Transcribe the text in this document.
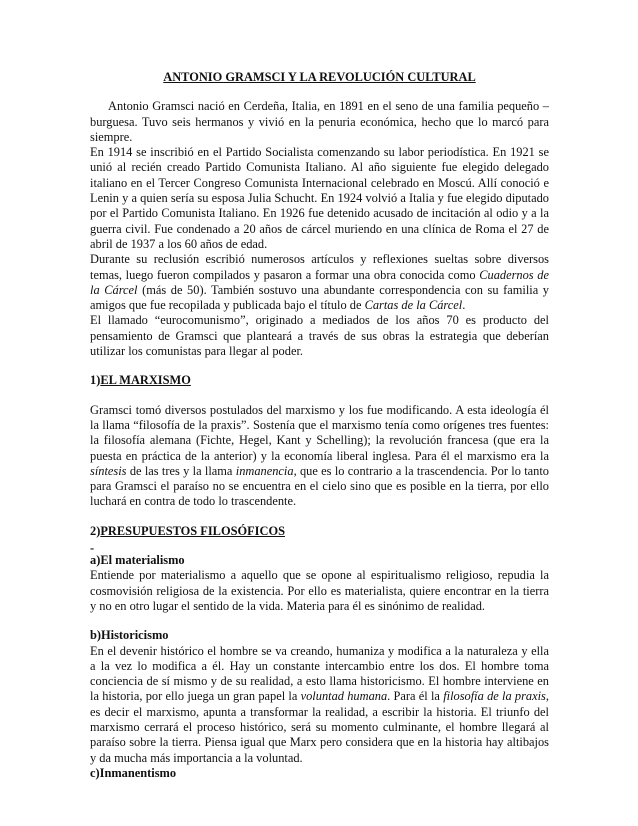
ANTONIO GRAMSCI Y LA REVOLUCIÓN CULTURAL

Antonio Gramsci nació en Cerdeña, Italia, en 1891 en el seno de una familia pequeño – burguesa. Tuvo seis hermanos y vivió en la penuria económica, hecho que lo marcó para siempre.

En 1914 se inscribió en el Partido Socialista comenzando su labor periodística. En 1921 se unió al recién creado Partido Comunista Italiano. Al año siguiente fue elegido delegado italiano en el Tercer Congreso Comunista Internacional celebrado en Moscú. Allí conoció e Lenin y a quien sería su esposa Julia Schucht. En 1924 volvió a Italia y fue elegido diputado por el Partido Comunista Italiano. En 1926 fue detenido acusado de incitación al odio y a la guerra civil. Fue condenado a 20 años de cárcel muriendo en una clínica de Roma el 27 de abril de 1937 a los 60 años de edad.

Durante su reclusión escribió numerosos artículos y reflexiones sueltas sobre diversos temas, luego fueron compilados y pasaron a formar una obra conocida como Cuadernos de la Cárcel (más de 50). También sostuvo una abundante correspondencia con su familia y amigos que fue recopilada y publicada bajo el título de Cartas de la Cárcel.

El llamado “eurocomunismo”, originado a mediados de los años 70 es producto del pensamiento de Gramsci que planteará a través de sus obras la estrategia que deberían utilizar los comunistas para llegar al poder.

1)EL MARXISMO

Gramsci tomó diversos postulados del marxismo y los fue modificando. A esta ideología él la llama “filosofía de la praxis”. Sostenía que el marxismo tenía como orígenes tres fuentes: la filosofía alemana (Fichte, Hegel, Kant y Schelling); la revolución francesa (que era la puesta en práctica de la anterior) y la economía liberal inglesa. Para él el marxismo era la síntesis de las tres y la llama inmanencia, que es lo contrario a la trascendencia. Por lo tanto para Gramsci el paraíso no se encuentra en el cielo sino que es posible en la tierra, por ello luchará en contra de todo lo trascendente.

2)PRESUPUESTOS FILOSÓFICOS
-
a)El materialismo

Entiende por materialismo a aquello que se opone al espiritualismo religioso, repudia la cosmovisión religiosa de la existencia. Por ello es materialista, quiere encontrar en la tierra y no en otro lugar el sentido de la vida. Materia para él es sinónimo de realidad.

b)Historicismo

En el devenir histórico el hombre se va creando, humaniza y modifica a la naturaleza y ella a la vez lo modifica a él. Hay un constante intercambio entre los dos. El hombre toma conciencia de sí mismo y de su realidad, a esto llama historicismo. El hombre interviene en la historia, por ello juega un gran papel la voluntad humana. Para él la filosofía de la praxis, es decir el marxismo, apunta a transformar la realidad, a escribir la historia. El triunfo del marxismo cerrará el proceso histórico, será su momento culminante, el hombre llegará al paraíso sobre la tierra. Piensa igual que Marx pero considera que en la historia hay altibajos y da mucha más importancia a la voluntad.

c)Inmanentismo
